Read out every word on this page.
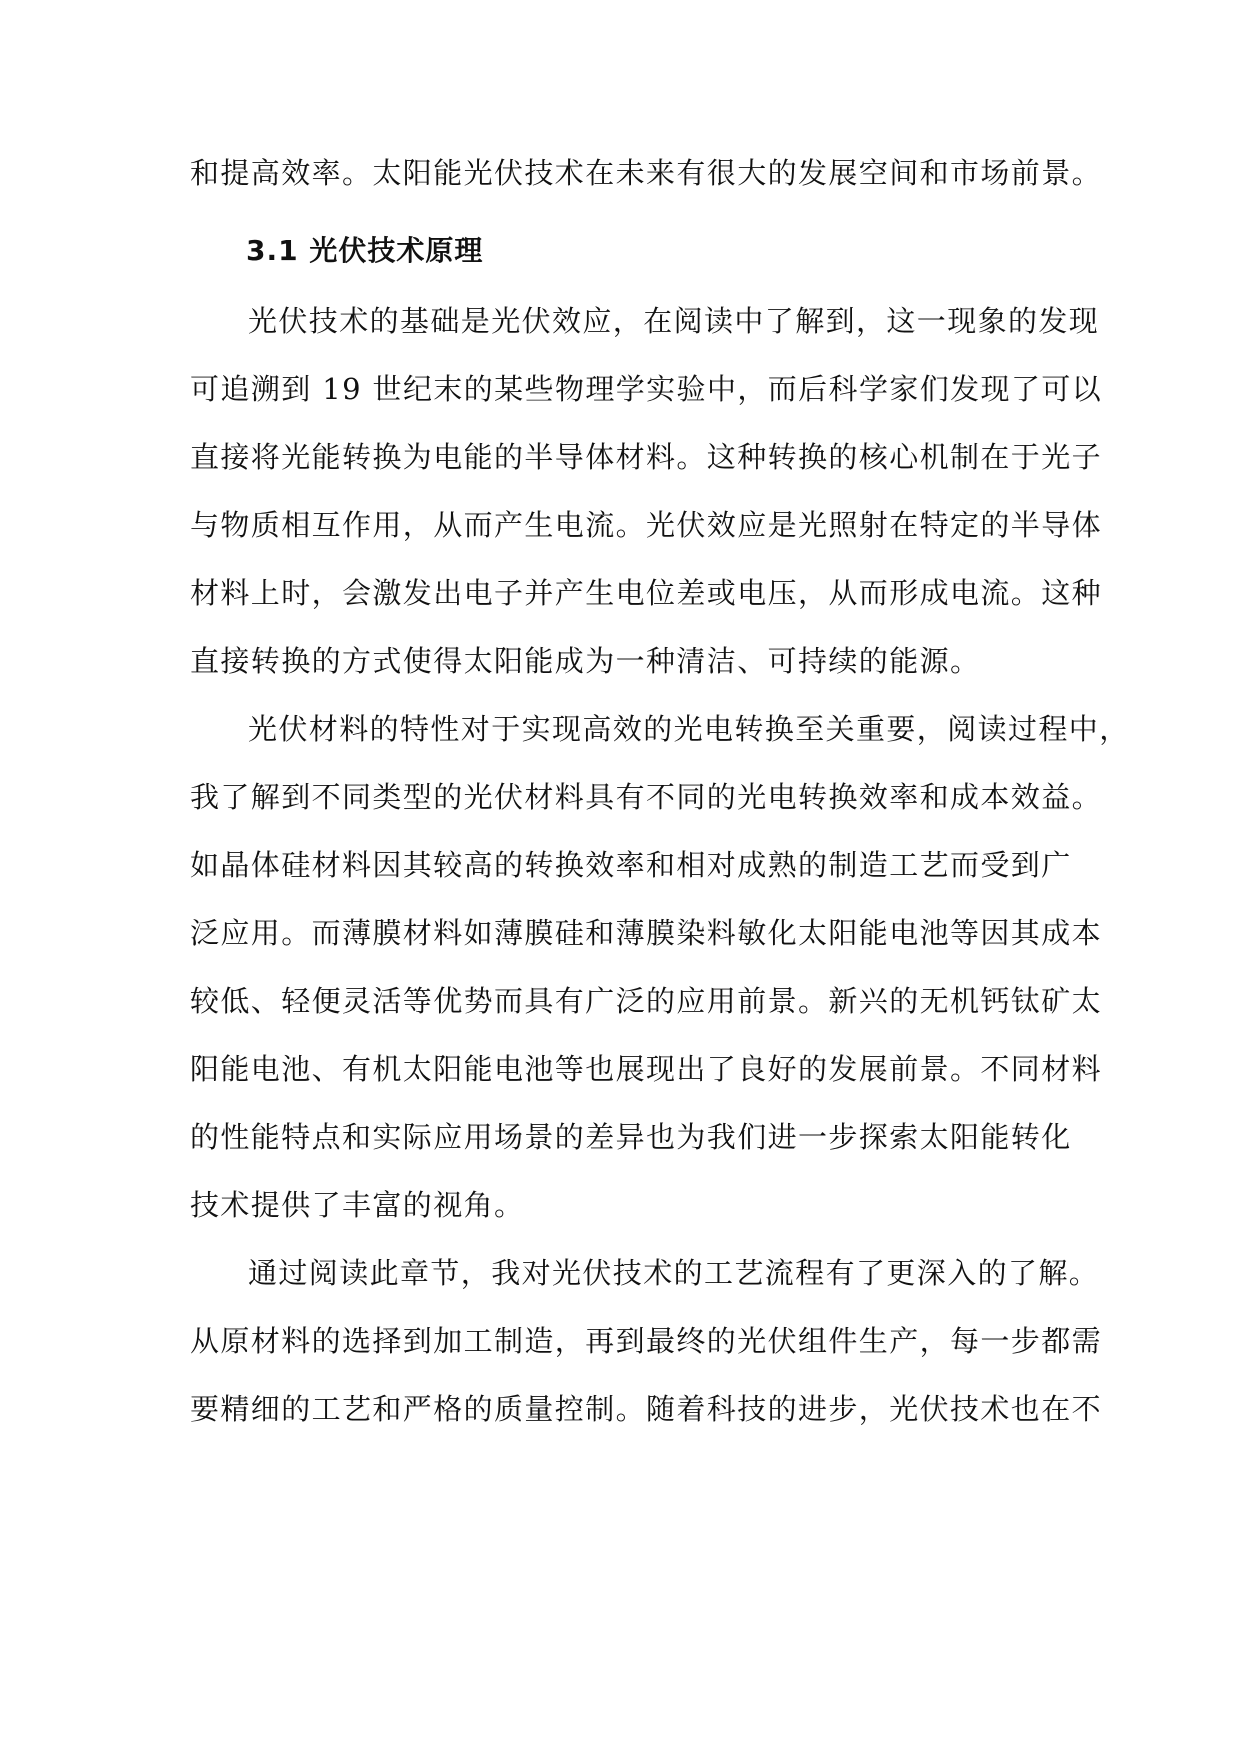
和提高效率。太阳能光伏技术在未来有很大的发展空间和市场前景。
3.1 光伏技术原理
光伏技术的基础是光伏效应，在阅读中了解到，这一现象的发现
可追溯到 19 世纪末的某些物理学实验中，而后科学家们发现了可以
直接将光能转换为电能的半导体材料。这种转换的核心机制在于光子
与物质相互作用，从而产生电流。光伏效应是光照射在特定的半导体
材料上时，会激发出电子并产生电位差或电压，从而形成电流。这种
直接转换的方式使得太阳能成为一种清洁、可持续的能源。
光伏材料的特性对于实现高效的光电转换至关重要，阅读过程中，
我了解到不同类型的光伏材料具有不同的光电转换效率和成本效益。
如晶体硅材料因其较高的转换效率和相对成熟的制造工艺而受到广
泛应用。而薄膜材料如薄膜硅和薄膜染料敏化太阳能电池等因其成本
较低、轻便灵活等优势而具有广泛的应用前景。新兴的无机钙钛矿太
阳能电池、有机太阳能电池等也展现出了良好的发展前景。不同材料
的性能特点和实际应用场景的差异也为我们进一步探索太阳能转化
技术提供了丰富的视角。
通过阅读此章节，我对光伏技术的工艺流程有了更深入的了解。
从原材料的选择到加工制造，再到最终的光伏组件生产，每一步都需
要精细的工艺和严格的质量控制。随着科技的进步，光伏技术也在不
